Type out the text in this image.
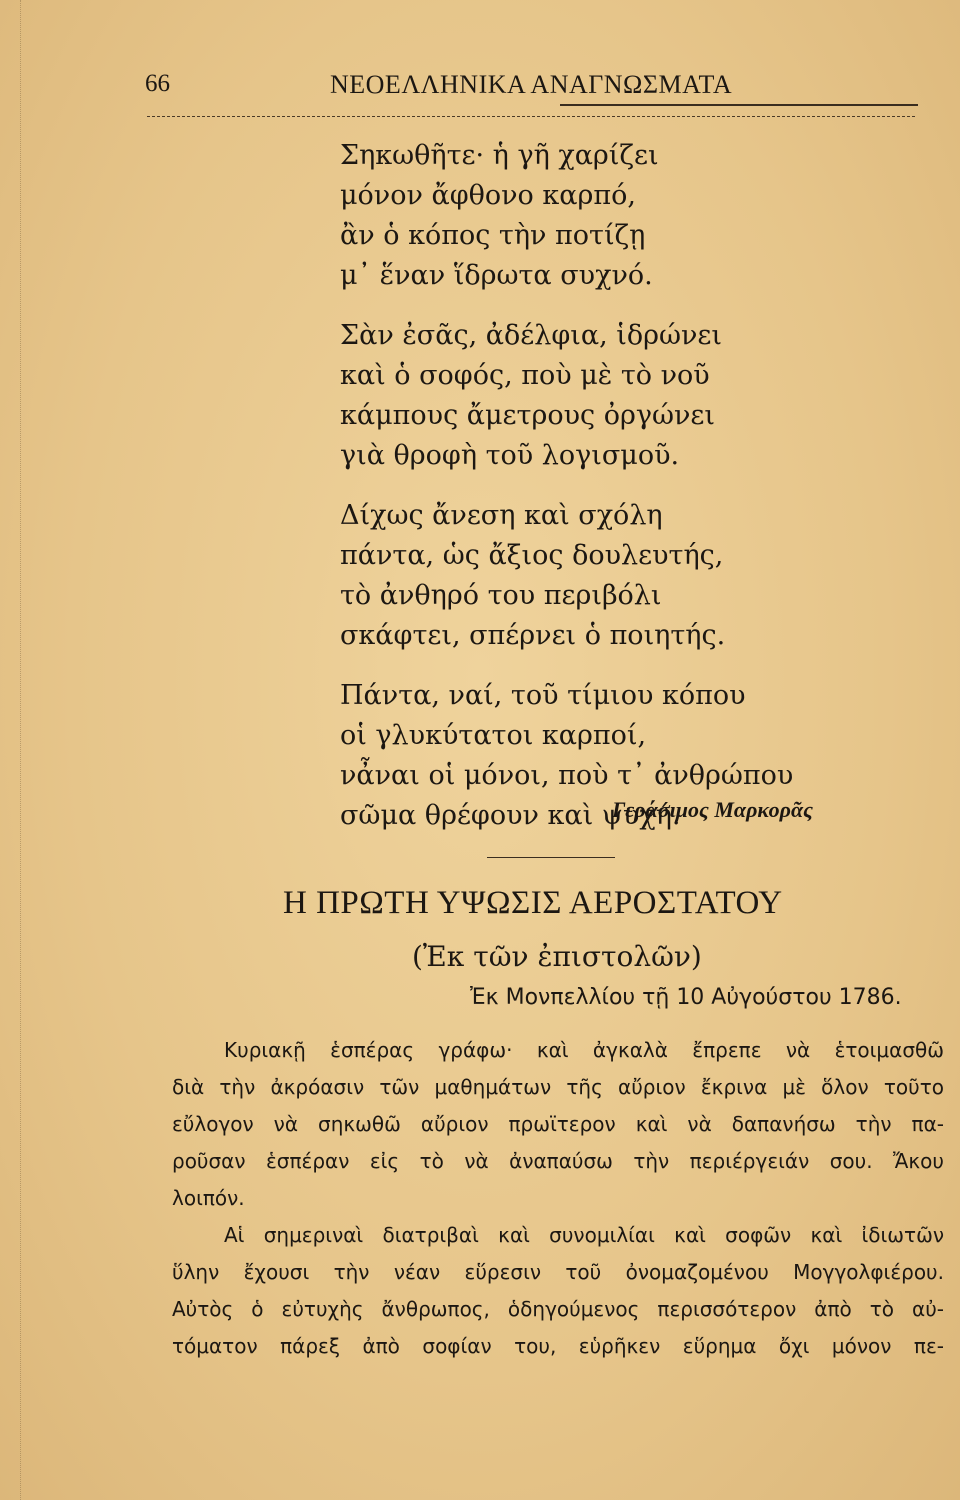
66	ΝΕΟΕΛΛΗΝΙΚΑ ΑΝΑΓΝΩΣΜΑΤΑ
Σηκωθῆτε· ἡ γῆ χαρίζει
μόνον ἄφθονο καρπό,
ἂν ὁ κόπος τὴν ποτίζῃ
μ᾽ ἕναν ἵδρωτα συχνό.
Σὰν ἐσᾶς, ἀδέλφια, ἱδρώνει
καὶ ὁ σοφός, ποὺ μὲ τὸ νοῦ
κάμπους ἄμετρους ὀργώνει
γιὰ θροφὴ τοῦ λογισμοῦ.
Δίχως ἄνεση καὶ σχόλη
πάντα, ὡς ἄξιος δουλευτής,
τὸ ἀνθηρό του περιβόλι
σκάφτει, σπέρνει ὁ ποιητής.
Πάντα, ναί, τοῦ τίμιου κόπου
οἱ γλυκύτατοι καρποί,
νἆναι οἱ μόνοι, ποὺ τ᾽ ἀνθρώπου
σῶμα θρέφουν καὶ ψυχή.
Γεράσιμος Μαρκορᾶς
Η ΠΡΩΤΗ ΥΨΩΣΙΣ ΑΕΡΟΣΤΑΤΟΥ
(Ἐκ τῶν ἐπιστολῶν)
Ἐκ Μονπελλίου τῇ 10 Αὐγούστου 1786.
Κυριακῇ ἑσπέρας γράφω· καὶ ἀγκαλὰ ἔπρεπε νὰ ἑτοιμασθῶ
διὰ τὴν ἀκρόασιν τῶν μαθημάτων τῆς αὔριον ἔκρινα μὲ ὅλον τοῦτο
εὔλογον νὰ σηκωθῶ αὔριον πρωϊτερον καὶ νὰ δαπανήσω τὴν πα-
ροῦσαν ἑσπέραν εἰς τὸ νὰ ἀναπαύσω τὴν περιέργειάν σου. Ἄκου
λοιπόν.
Αἱ σημεριναὶ διατριβαὶ καὶ συνομιλίαι καὶ σοφῶν καὶ ἰδιωτῶν
ὕλην ἔχουσι τὴν νέαν εὕρεσιν τοῦ ὀνομαζομένου Μογγολφιέρου.
Αὐτὸς ὁ εὐτυχὴς ἄνθρωπος, ὁδηγούμενος περισσότερον ἀπὸ τὸ αὐ-
τόματον πάρεξ ἀπὸ σοφίαν του, εὑρῆκεν εὕρημα ὄχι μόνον πε-
